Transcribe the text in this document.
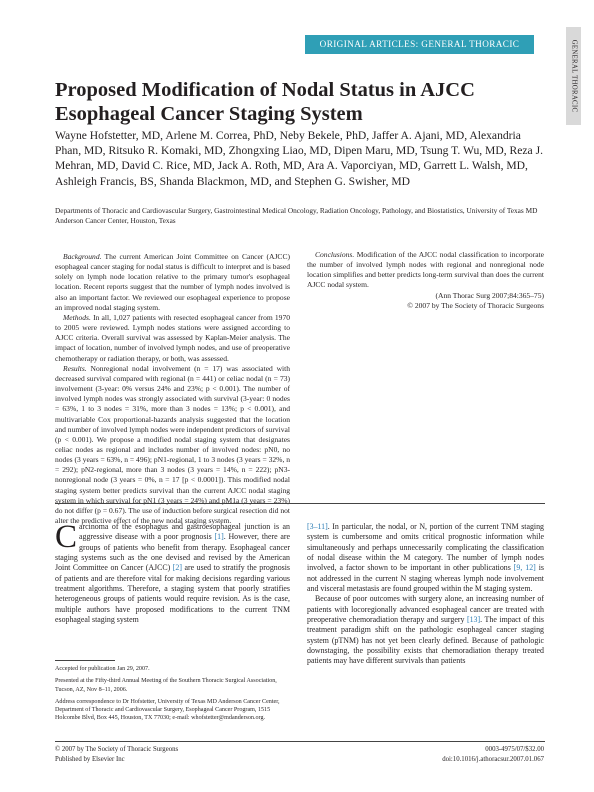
ORIGINAL ARTICLES: GENERAL THORACIC	GENERAL THORACIC
Proposed Modification of Nodal Status in AJCC Esophageal Cancer Staging System
Wayne Hofstetter, MD, Arlene M. Correa, PhD, Neby Bekele, PhD, Jaffer A. Ajani, MD, Alexandria Phan, MD, Ritsuko R. Komaki, MD, Zhongxing Liao, MD, Dipen Maru, MD, Tsung T. Wu, MD, Reza J. Mehran, MD, David C. Rice, MD, Jack A. Roth, MD, Ara A. Vaporciyan, MD, Garrett L. Walsh, MD, Ashleigh Francis, BS, Shanda Blackmon, MD, and Stephen G. Swisher, MD
Departments of Thoracic and Cardiovascular Surgery, Gastrointestinal Medical Oncology, Radiation Oncology, Pathology, and Biostatistics, University of Texas MD Anderson Cancer Center, Houston, Texas

Background. The current American Joint Committee on Cancer (AJCC) esophageal cancer staging for nodal status is difficult to interpret and is based solely on lymph node location relative to the primary tumor's esophageal location. Recent reports suggest that the number of lymph nodes involved is also an important factor. We reviewed our esophageal experience to propose an improved nodal staging system.

Methods. In all, 1,027 patients with resected esophageal cancer from 1970 to 2005 were reviewed. Lymph nodes stations were assigned according to AJCC criteria. Overall survival was assessed by Kaplan-Meier analysis. The impact of location, number of involved lymph nodes, and use of preoperative chemotherapy or radiation therapy, or both, was assessed.

Results. Nonregional nodal involvement (n = 17) was associated with decreased survival compared with regional (n = 441) or celiac nodal (n = 73) involvement (3-year: 0% versus 24% and 23%; p < 0.001). The number of involved lymph nodes was strongly associated with survival (3-year: 0 nodes = 63%, 1 to 3 nodes = 31%, more than 3 nodes = 13%; p < 0.001), and multivariable Cox proportional-hazards analysis suggested that the location and number of involved lymph nodes were independent predictors of survival (p < 0.001). We propose a modified nodal staging system that designates celiac nodes as regional and includes number of involved nodes: pN0, no nodes (3 years = 63%, n = 496); pN1-regional, 1 to 3 nodes (3 years = 32%, n = 292); pN2-regional, more than 3 nodes (3 years = 14%, n = 222); pN3-nonregional node (3 years = 0%, n = 17 [p < 0.0001]). This modified nodal staging system better predicts survival than the current AJCC nodal staging system in which survival for pN1 (3 years = 24%) and pM1a (3 years = 23%) do not differ (p = 0.67). The use of induction before surgical resection did not alter the predictive effect of the new nodal staging system.

Conclusions. Modification of the AJCC nodal classification to incorporate the number of involved lymph nodes with regional and nonregional node location simplifies and better predicts long-term survival than does the current AJCC nodal system.

(Ann Thorac Surg 2007;84:365–75)

© 2007 by The Society of Thoracic Surgeons

Carcinoma of the esophagus and gastroesophageal junction is an aggressive disease with a poor prognosis [1]. However, there are groups of patients who benefit from therapy. Esophageal cancer staging systems such as the one devised and revised by the American Joint Committee on Cancer (AJCC) [2] are used to stratify the prognosis of patients and are therefore vital for making decisions regarding various treatment algorithms. Therefore, a staging system that poorly stratifies heterogeneous groups of patients would require revision. As is the case, multiple authors have proposed modifications to the current TNM esophageal staging system

Accepted for publication Jan 29, 2007.

Presented at the Fifty-third Annual Meeting of the Southern Thoracic Surgical Association, Tucson, AZ, Nov 8–11, 2006.

Address correspondence to Dr Hofstetter, University of Texas MD Anderson Cancer Center, Department of Thoracic and Cardiovascular Surgery, Esophageal Cancer Program, 1515 Holcombe Blvd, Box 445, Houston, TX 77030; e-mail: whofstetter@mdanderson.org.

[3–11]. In particular, the nodal, or N, portion of the current TNM staging system is cumbersome and omits critical prognostic information while simultaneously and perhaps unnecessarily complicating the classification of nodal disease within the M category. The number of lymph nodes involved, a factor shown to be important in other publications [9, 12] is not addressed in the current N staging whereas lymph node involvement and visceral metastasis are found grouped within the M staging system.

Because of poor outcomes with surgery alone, an increasing number of patients with locoregionally advanced esophageal cancer are treated with preoperative chemoradiation therapy and surgery [13]. The impact of this treatment paradigm shift on the pathologic esophageal cancer staging system (pTNM) has not yet been clearly defined. Because of pathologic downstaging, the possibility exists that chemoradiation therapy treated patients may have different survivals than patients

© 2007 by The Society of Thoracic Surgeons
Published by Elsevier Inc
0003-4975/07/$32.00
doi:10.1016/j.athoracsur.2007.01.067
